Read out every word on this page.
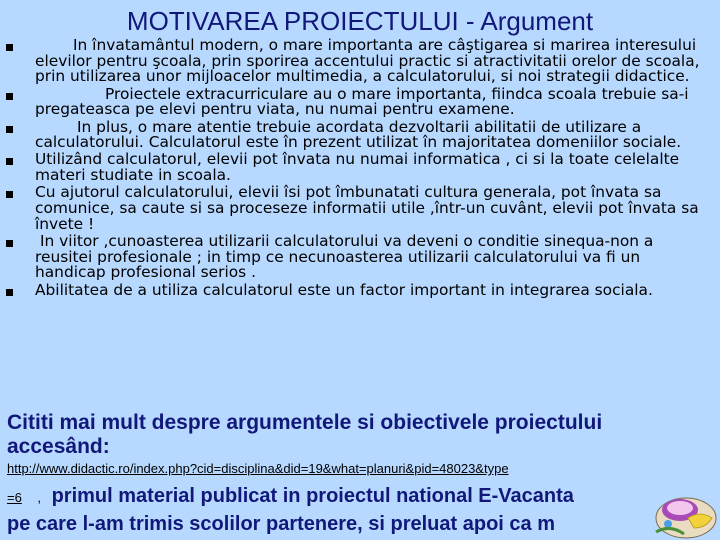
MOTIVAREA PROIECTULUI - Argument
In învatamântul modern, o mare importanta are câştigarea si marirea interesului elevilor pentru şcoala, prin sporirea accentului practic si atractivitatii orelor de scoala, prin utilizarea unor mijloacelor multimedia, a calculatorului, si noi strategii didactice.
Proiectele extracurriculare au o mare importanta, fiindca scoala trebuie sa-i pregateasca pe elevi pentru viata, nu numai pentru examene.
In plus, o mare atentie trebuie acordata dezvoltarii abilitatii de utilizare a calculatorului. Calculatorul este în prezent utilizat în majoritatea domeniilor sociale.
Utilizând calculatorul, elevii pot învata nu numai informatica , ci si la toate celelalte materi studiate in scoala.
Cu ajutorul calculatorului, elevii îsi pot îmbunatati cultura generala, pot învata sa comunice, sa caute si sa proceseze informatii utile ,într-un cuvânt, elevii pot învata sa învete !
In viitor ,cunoasterea utilizarii calculatorului va deveni o conditie sinequa-non a reusitei profesionale ; in timp ce necunoasterea utilizarii calculatorului va fi un handicap profesional serios .
Abilitatea de a utiliza calculatorul este un factor important in integrarea sociala.
Cititi mai mult despre argumentele si obiectivele proiectului accesând:
http://www.didactic.ro/index.php?cid=disciplina&did=19&what=planuri&pid=48023&type
=6 , primul material publicat in proiectul national E-Vacanta
pe care l-am trimis scolilor partenere, si preluat apoi ca m
